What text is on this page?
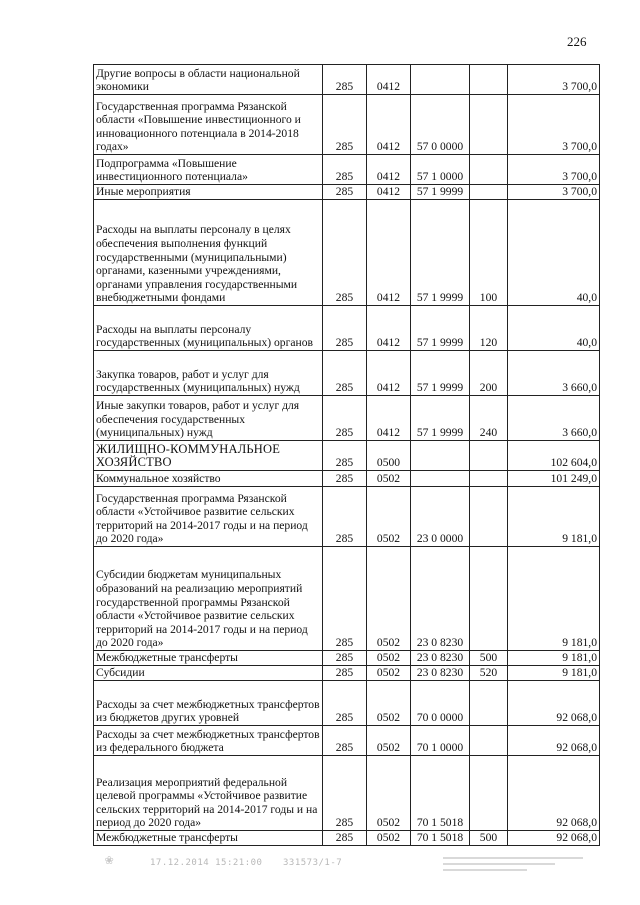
226
Другие вопросы в области национальной экономики	285	0412			3 700,0
Государственная программа Рязанской области «Повышение инвестиционного и инновационного потенциала в 2014-2018 годах»	285	0412	57 0 0000		3 700,0
Подпрограмма «Повышение инвестиционного потенциала»	285	0412	57 1 0000		3 700,0
Иные мероприятия	285	0412	57 1 9999		3 700,0
Расходы на выплаты персоналу в целях обеспечения выполнения функций государственными (муниципальными) органами, казенными учреждениями, органами управления государственными внебюджетными фондами	285	0412	57 1 9999	100	40,0
Расходы на выплаты персоналу государственных (муниципальных) органов	285	0412	57 1 9999	120	40,0
Закупка товаров, работ и услуг для государственных (муниципальных) нужд	285	0412	57 1 9999	200	3 660,0
Иные закупки товаров, работ и услуг для обеспечения государственных (муниципальных) нужд	285	0412	57 1 9999	240	3 660,0
ЖИЛИЩНО-КОММУНАЛЬНОЕ ХОЗЯЙСТВО	285	0500			102 604,0
Коммунальное хозяйство	285	0502			101 249,0
Государственная программа Рязанской области «Устойчивое развитие сельских территорий на 2014-2017 годы и на период до 2020 года»	285	0502	23 0 0000		9 181,0
Субсидии бюджетам муниципальных образований на реализацию мероприятий государственной программы Рязанской области «Устойчивое развитие сельских территорий на 2014-2017 годы и на период до 2020 года»	285	0502	23 0 8230		9 181,0
Межбюджетные трансферты	285	0502	23 0 8230	500	9 181,0
Субсидии	285	0502	23 0 8230	520	9 181,0
Расходы за счет межбюджетных трансфертов из бюджетов других уровней	285	0502	70 0 0000		92 068,0
Расходы за счет межбюджетных трансфертов из федерального бюджета	285	0502	70 1 0000		92 068,0
Реализация мероприятий федеральной целевой программы «Устойчивое развитие сельских территорий на 2014-2017 годы и на период до 2020 года»	285	0502	70 1 5018		92 068,0
Межбюджетные трансферты	285	0502	70 1 5018	500	92 068,0
❀	17.12.2014 15:21:00 331573/1-7
